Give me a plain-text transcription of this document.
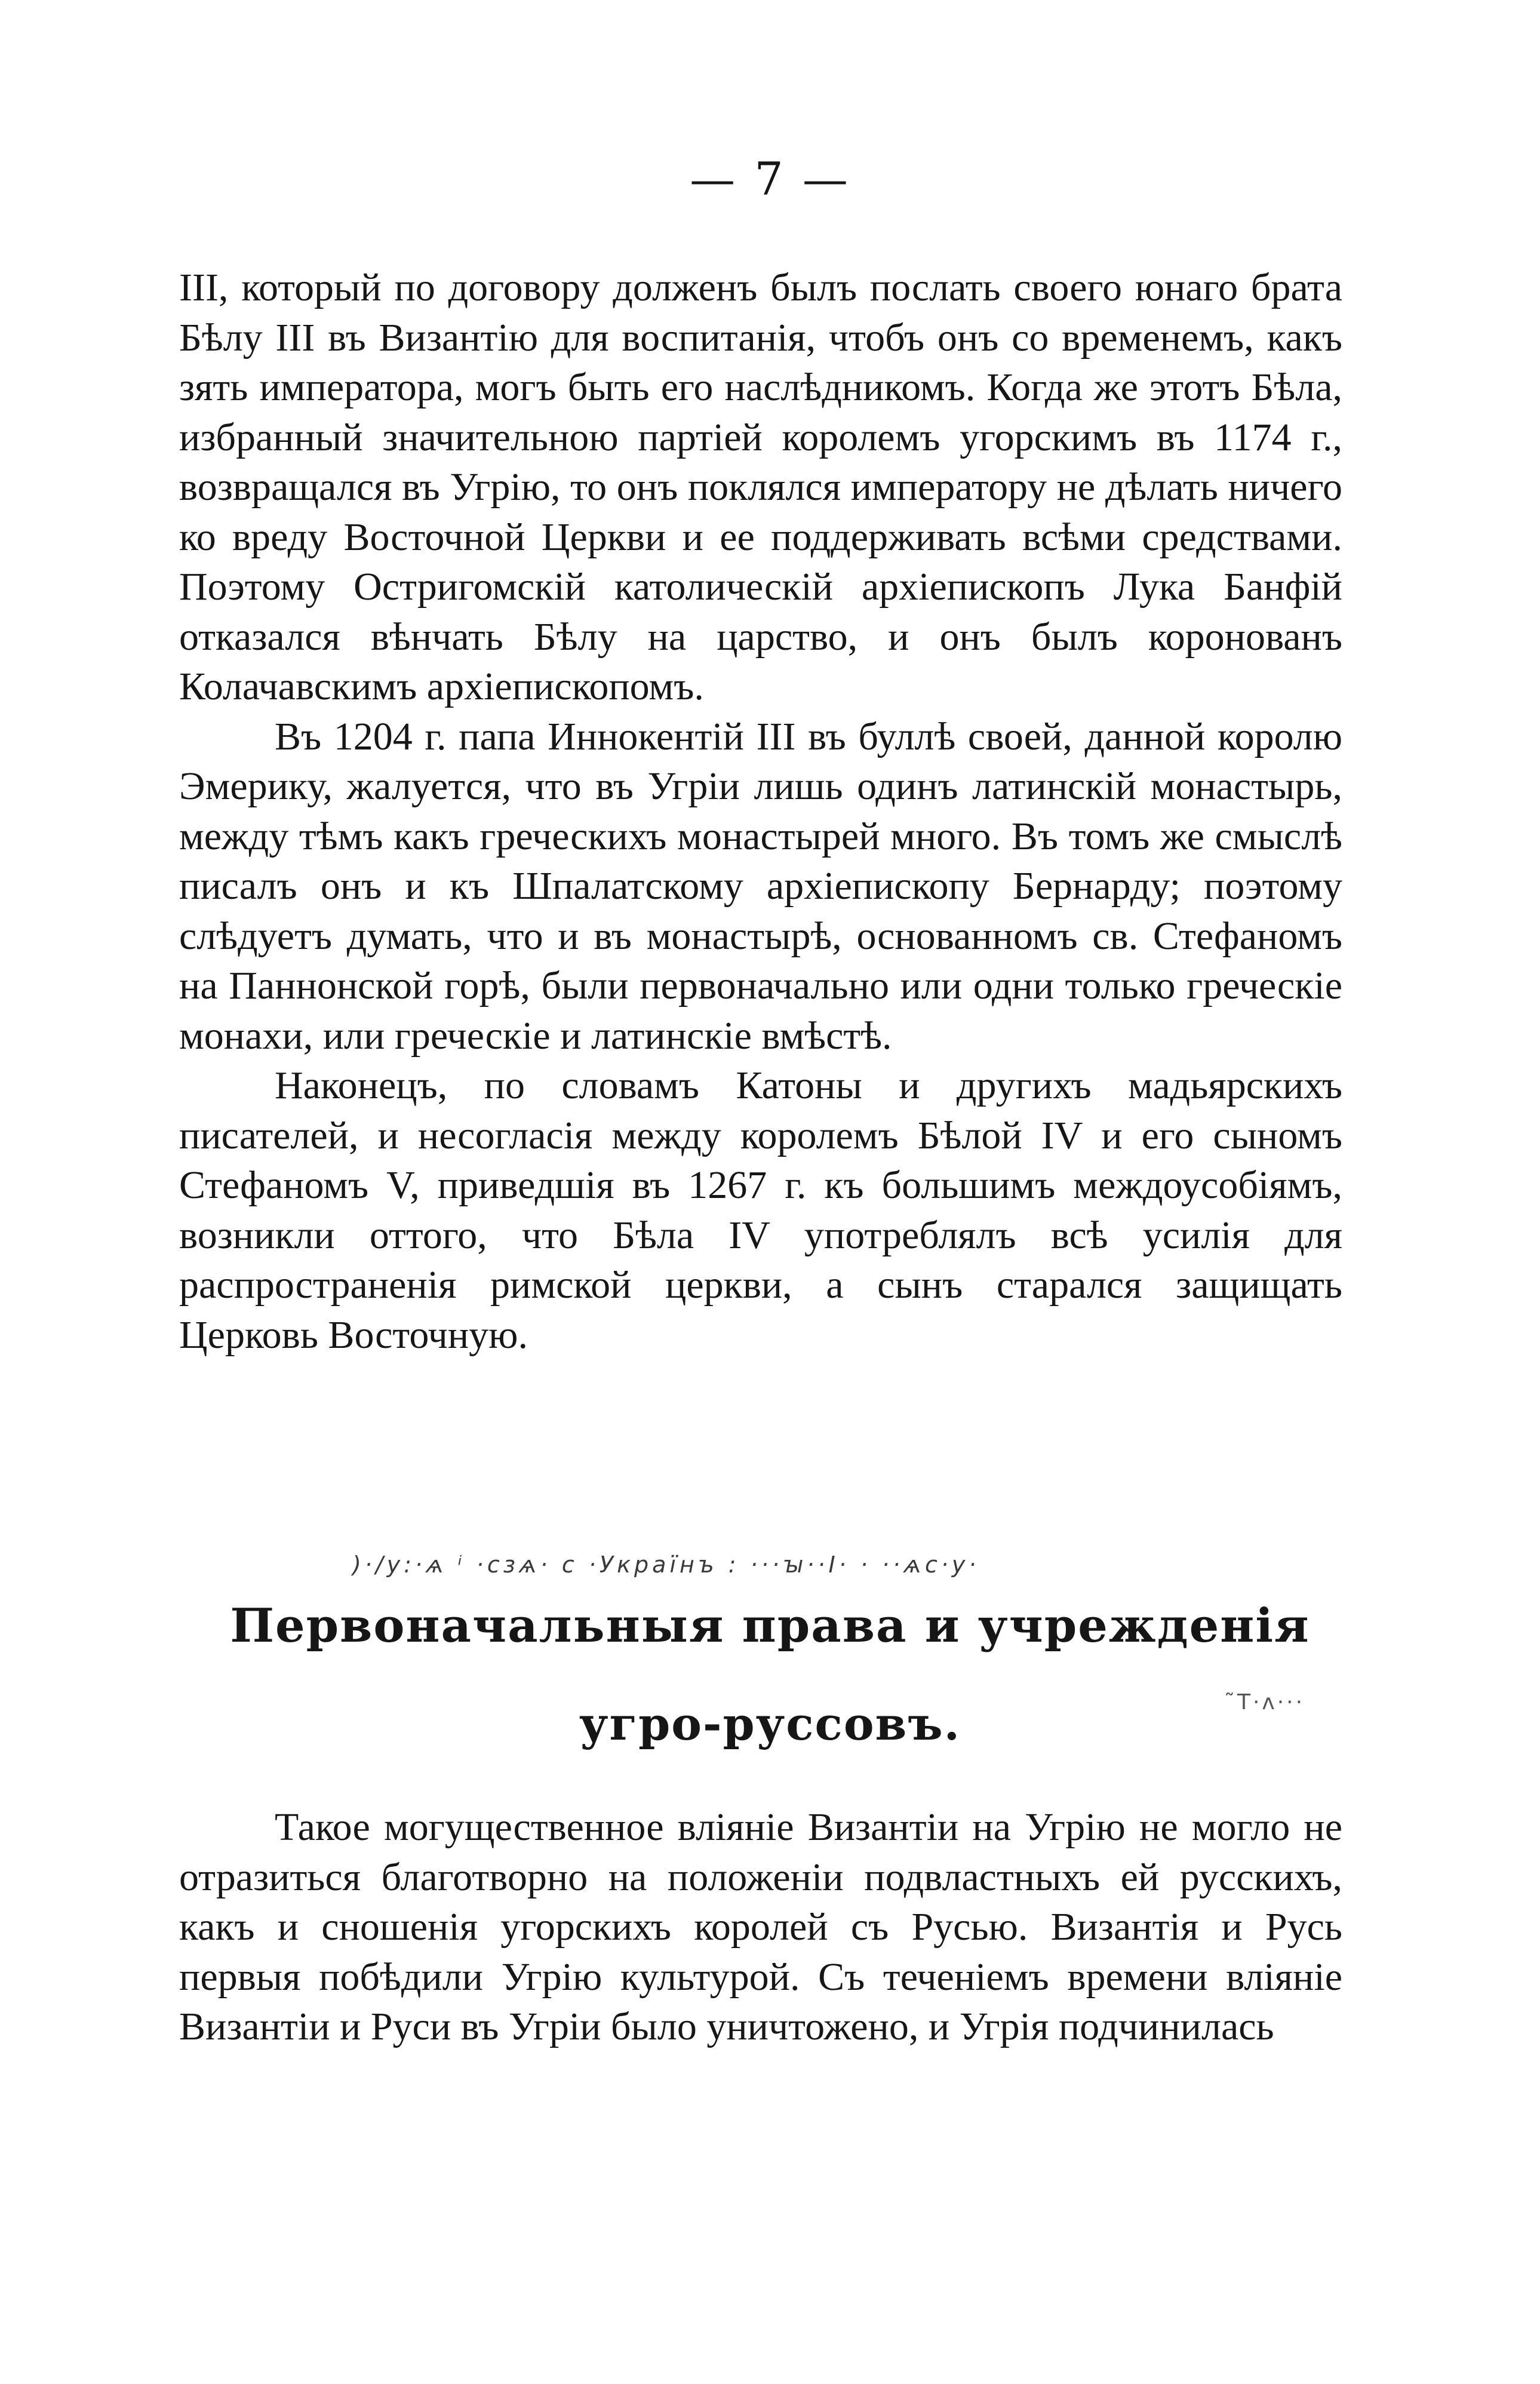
— 7 —

III, который по договору долженъ былъ послать своего юнаго брата Бѣлу III въ Византію для воспитанія, чтобъ онъ со временемъ, какъ зять императора, могъ быть его наслѣдникомъ. Когда же этотъ Бѣла, избранный значительною партіей королемъ угорскимъ въ 1174 г., возвращался въ Угрію, то онъ поклялся императору не дѣлать ничего ко вреду Восточной Церкви и ее поддерживать всѣми средствами. Поэтому Остригомскій католическій архіепископъ Лука Банфій отказался вѣнчать Бѣлу на царство, и онъ былъ коронованъ Колачавскимъ архіепископомъ.

Въ 1204 г. папа Иннокентій III въ буллѣ своей, данной королю Эмерику, жалуется, что въ Угріи лишь одинъ латинскій монастырь, между тѣмъ какъ греческихъ монастырей много. Въ томъ же смыслѣ писалъ онъ и къ Шпалатскому архіепископу Бернарду; поэтому слѣдуетъ думать, что и въ монастырѣ, основанномъ св. Стефаномъ на Паннонской горѣ, были первоначально или одни только греческіе монахи, или греческіе и латинскіе вмѣстѣ.

Наконецъ, по словамъ Катоны и другихъ мадьярскихъ писателей, и несогласія между королемъ Бѣлой IV и его сыномъ Стефаномъ V, приведшія въ 1267 г. къ большимъ междоусобіямъ, возникли оттого, что Бѣла IV употреблялъ всѣ усилія для распространенія римской церкви, а сынъ старался защищать Церковь Восточную.

)·/у:·ѧ ⁱ ·сзѧ· с ·Українъ : ···ꙑ··Ι· · ··ѧс·у·
Первоначальныя права и учрежденія
угро-руссовъ.	˜Τ·ʌ···

Такое могущественное вліяніе Византіи на Угрію не могло не отразиться благотворно на положеніи подвластныхъ ей русскихъ, какъ и сношенія угорскихъ королей съ Русью. Византія и Русь первыя побѣдили Угрію культурой. Съ теченіемъ времени вліяніе Византіи и Руси въ Угріи было уничтожено, и Угрія подчинилась
